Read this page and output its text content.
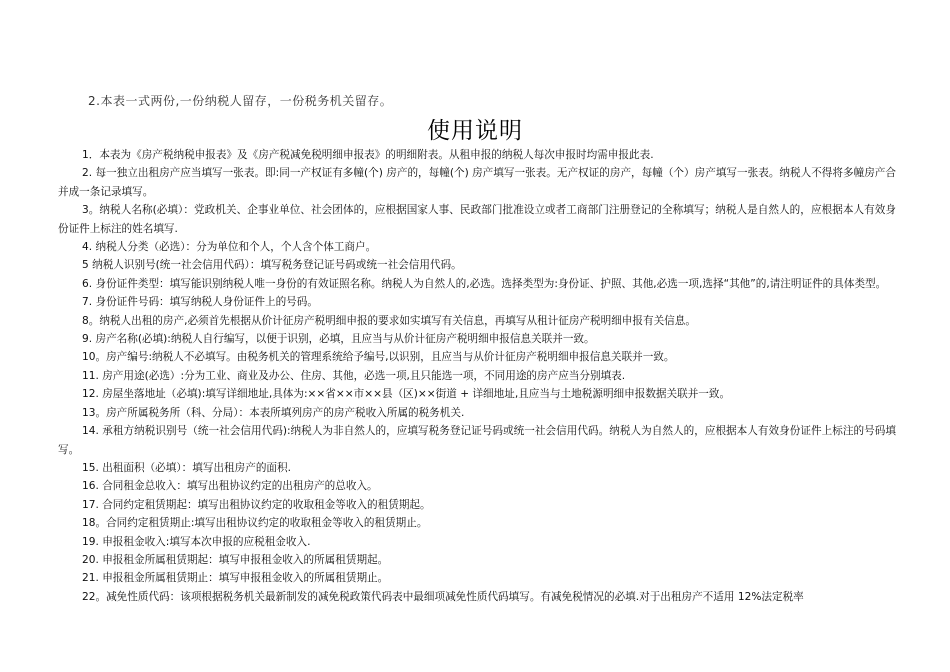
2.本表一式两份,一份纳税人留存，一份税务机关留存。
使用说明

1．本表为《房产税纳税申报表》及《房产税减免税明细申报表》的明细附表。从租申报的纳税人每次申报时均需申报此表.

2. 每一独立出租房产应当填写一张表。即:同一产权证有多幢(个) 房产的，每幢(个) 房产填写一张表。无产权证的房产，每幢（个）房产填写一张表。纳税人不得将多幢房产合并成一条记录填写。

3。纳税人名称(必填）：党政机关、企事业单位、社会团体的，应根据国家人事、民政部门批准设立或者工商部门注册登记的全称填写；纳税人是自然人的，应根据本人有效身份证件上标注的姓名填写.

4. 纳税人分类（必选）：分为单位和个人，个人含个体工商户。

5 纳税人识别号(统一社会信用代码）：填写税务登记证号码或统一社会信用代码。

6. 身份证件类型：填写能识别纳税人唯一身份的有效证照名称。纳税人为自然人的,必选。选择类型为:身份证、护照、其他,必选一项,选择“其他”的,请注明证件的具体类型。

7. 身份证件号码：填写纳税人身份证件上的号码。

8。纳税人出租的房产,必须首先根据从价计征房产税明细申报的要求如实填写有关信息，再填写从租计征房产税明细申报有关信息。

9. 房产名称(必填):纳税人自行编写，以便于识别，必填，且应当与从价计征房产税明细申报信息关联并一致。

10。房产编号:纳税人不必填写。由税务机关的管理系统给予编号,以识别，且应当与从价计征房产税明细申报信息关联并一致。

11. 房产用途(必选）:分为工业、商业及办公、住房、其他，必选一项,且只能选一项，不同用途的房产应当分别填表.

12. 房屋坐落地址（必填):填写详细地址,具体为:××省××市××县（区)××街道 + 详细地址,且应当与土地税源明细申报数据关联并一致。

13。房产所属税务所（科、分局）：本表所填列房产的房产税收入所属的税务机关.

14. 承租方纳税识别号（统一社会信用代码):纳税人为非自然人的，应填写税务登记证号码或统一社会信用代码。纳税人为自然人的，应根据本人有效身份证件上标注的号码填写。

15. 出租面积（必填）：填写出租房产的面积.

16. 合同租金总收入：填写出租协议约定的出租房产的总收入。

17. 合同约定租赁期起：填写出租协议约定的收取租金等收入的租赁期起。

18。合同约定租赁期止:填写出租协议约定的收取租金等收入的租赁期止。

19. 申报租金收入:填写本次申报的应税租金收入.

20. 申报租金所属租赁期起：填写申报租金收入的所属租赁期起。

21. 申报租金所属租赁期止：填写申报租金收入的所属租赁期止。

22。减免性质代码：该项根据税务机关最新制发的减免税政策代码表中最细项减免性质代码填写。有减免税情况的必填.对于出租房产不适用 12%法定税率
